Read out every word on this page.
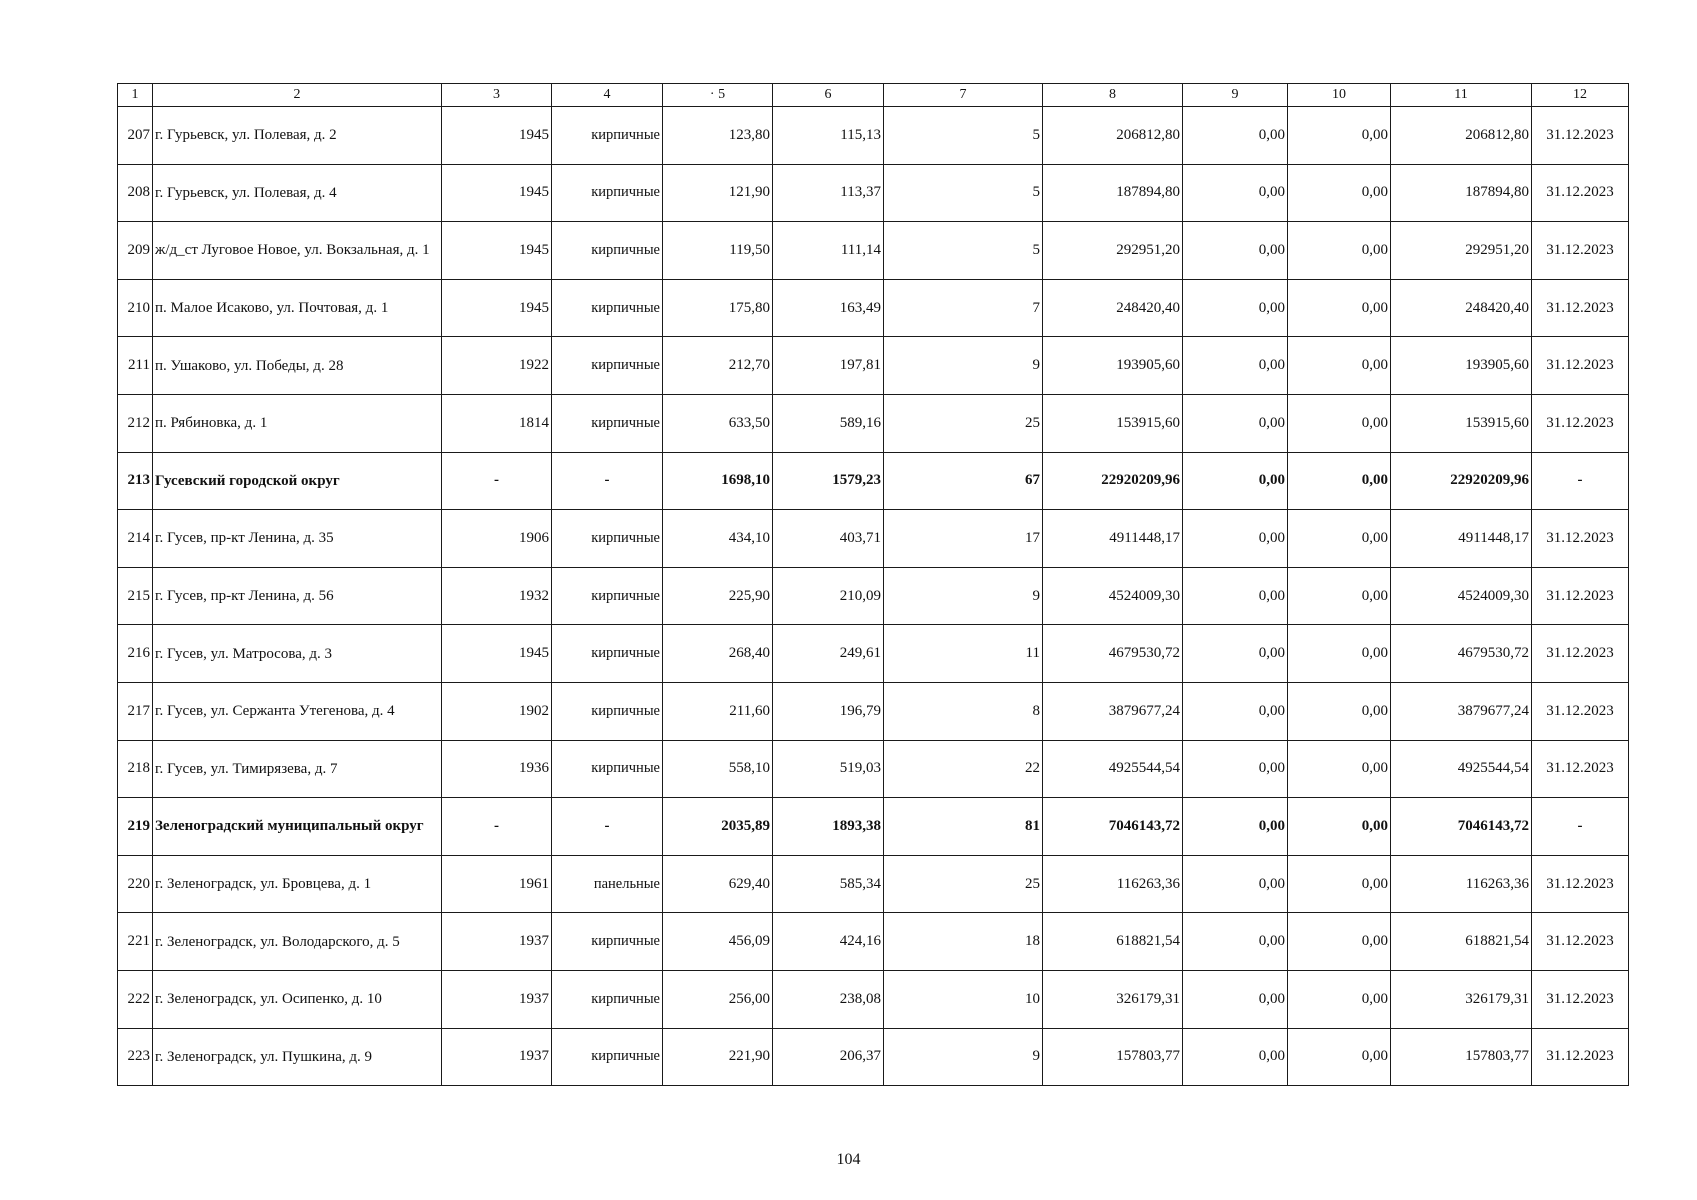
1	2	3	4	· 5	6	7	8	9	10	11	12
207	г. Гурьевск, ул. Полевая, д. 2	1945	кирпичные	123,80	115,13	5	206812,80	0,00	0,00	206812,80	31.12.2023
208	г. Гурьевск, ул. Полевая, д. 4	1945	кирпичные	121,90	113,37	5	187894,80	0,00	0,00	187894,80	31.12.2023
209	ж/д_ст Луговое Новое, ул. Вокзальная, д. 1	1945	кирпичные	119,50	111,14	5	292951,20	0,00	0,00	292951,20	31.12.2023
210	п. Малое Исаково, ул. Почтовая, д. 1	1945	кирпичные	175,80	163,49	7	248420,40	0,00	0,00	248420,40	31.12.2023
211	п. Ушаково, ул. Победы, д. 28	1922	кирпичные	212,70	197,81	9	193905,60	0,00	0,00	193905,60	31.12.2023
212	п. Рябиновка, д. 1	1814	кирпичные	633,50	589,16	25	153915,60	0,00	0,00	153915,60	31.12.2023
213	Гусевский городской округ	-	-	1698,10	1579,23	67	22920209,96	0,00	0,00	22920209,96	-
214	г. Гусев, пр-кт Ленина, д. 35	1906	кирпичные	434,10	403,71	17	4911448,17	0,00	0,00	4911448,17	31.12.2023
215	г. Гусев, пр-кт Ленина, д. 56	1932	кирпичные	225,90	210,09	9	4524009,30	0,00	0,00	4524009,30	31.12.2023
216	г. Гусев, ул. Матросова, д. 3	1945	кирпичные	268,40	249,61	11	4679530,72	0,00	0,00	4679530,72	31.12.2023
217	г. Гусев, ул. Сержанта Утегенова, д. 4	1902	кирпичные	211,60	196,79	8	3879677,24	0,00	0,00	3879677,24	31.12.2023
218	г. Гусев, ул. Тимирязева, д. 7	1936	кирпичные	558,10	519,03	22	4925544,54	0,00	0,00	4925544,54	31.12.2023
219	Зеленоградский муниципальный округ	-	-	2035,89	1893,38	81	7046143,72	0,00	0,00	7046143,72	-
220	г. Зеленоградск, ул. Бровцева, д. 1	1961	панельные	629,40	585,34	25	116263,36	0,00	0,00	116263,36	31.12.2023
221	г. Зеленоградск, ул. Володарского, д. 5	1937	кирпичные	456,09	424,16	18	618821,54	0,00	0,00	618821,54	31.12.2023
222	г. Зеленоградск, ул. Осипенко, д. 10	1937	кирпичные	256,00	238,08	10	326179,31	0,00	0,00	326179,31	31.12.2023
223	г. Зеленоградск, ул. Пушкина, д. 9	1937	кирпичные	221,90	206,37	9	157803,77	0,00	0,00	157803,77	31.12.2023
104
